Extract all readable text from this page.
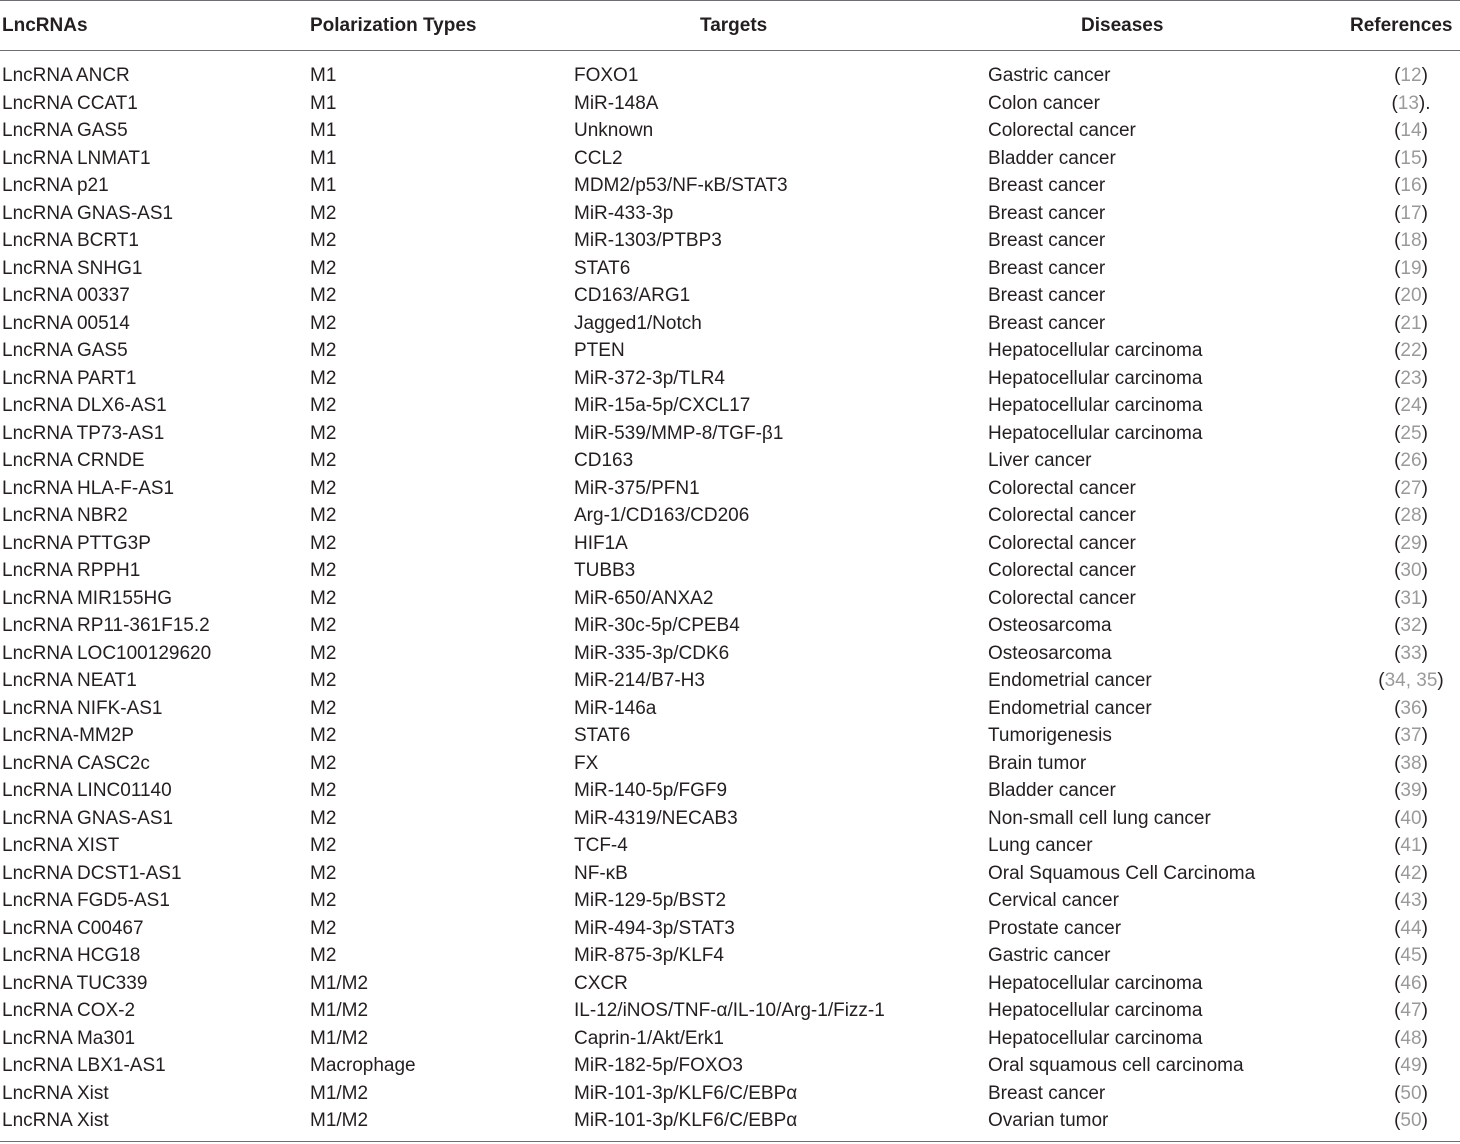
LncRNAs	Polarization Types	Targets	Diseases	References
LncRNA ANCR	M1	FOXO1	Gastric cancer	(12)
LncRNA CCAT1	M1	MiR-148A	Colon cancer	(13).
LncRNA GAS5	M1	Unknown	Colorectal cancer	(14)
LncRNA LNMAT1	M1	CCL2	Bladder cancer	(15)
LncRNA p21	M1	MDM2/p53/NF-κB/STAT3	Breast cancer	(16)
LncRNA GNAS-AS1	M2	MiR-433-3p	Breast cancer	(17)
LncRNA BCRT1	M2	MiR-1303/PTBP3	Breast cancer	(18)
LncRNA SNHG1	M2	STAT6	Breast cancer	(19)
LncRNA 00337	M2	CD163/ARG1	Breast cancer	(20)
LncRNA 00514	M2	Jagged1/Notch	Breast cancer	(21)
LncRNA GAS5	M2	PTEN	Hepatocellular carcinoma	(22)
LncRNA PART1	M2	MiR-372-3p/TLR4	Hepatocellular carcinoma	(23)
LncRNA DLX6-AS1	M2	MiR-15a-5p/CXCL17	Hepatocellular carcinoma	(24)
LncRNA TP73-AS1	M2	MiR-539/MMP-8/TGF-β1	Hepatocellular carcinoma	(25)
LncRNA CRNDE	M2	CD163	Liver cancer	(26)
LncRNA HLA-F-AS1	M2	MiR-375/PFN1	Colorectal cancer	(27)
LncRNA NBR2	M2	Arg-1/CD163/CD206	Colorectal cancer	(28)
LncRNA PTTG3P	M2	HIF1A	Colorectal cancer	(29)
LncRNA RPPH1	M2	TUBB3	Colorectal cancer	(30)
LncRNA MIR155HG	M2	MiR-650/ANXA2	Colorectal cancer	(31)
LncRNA RP11-361F15.2	M2	MiR-30c-5p/CPEB4	Osteosarcoma	(32)
LncRNA LOC100129620	M2	MiR-335-3p/CDK6	Osteosarcoma	(33)
LncRNA NEAT1	M2	MiR-214/B7-H3	Endometrial cancer	(34, 35)
LncRNA NIFK-AS1	M2	MiR-146a	Endometrial cancer	(36)
LncRNA-MM2P	M2	STAT6	Tumorigenesis	(37)
LncRNA CASC2c	M2	FX	Brain tumor	(38)
LncRNA LINC01140	M2	MiR-140-5p/FGF9	Bladder cancer	(39)
LncRNA GNAS-AS1	M2	MiR-4319/NECAB3	Non-small cell lung cancer	(40)
LncRNA XIST	M2	TCF-4	Lung cancer	(41)
LncRNA DCST1-AS1	M2	NF-κB	Oral Squamous Cell Carcinoma	(42)
LncRNA FGD5-AS1	M2	MiR-129-5p/BST2	Cervical cancer	(43)
LncRNA C00467	M2	MiR-494-3p/STAT3	Prostate cancer	(44)
LncRNA HCG18	M2	MiR-875-3p/KLF4	Gastric cancer	(45)
LncRNA TUC339	M1/M2	CXCR	Hepatocellular carcinoma	(46)
LncRNA COX-2	M1/M2	IL-12/iNOS/TNF-α/IL-10/Arg-1/Fizz-1	Hepatocellular carcinoma	(47)
LncRNA Ma301	M1/M2	Caprin-1/Akt/Erk1	Hepatocellular carcinoma	(48)
LncRNA LBX1-AS1	Macrophage	MiR-182-5p/FOXO3	Oral squamous cell carcinoma	(49)
LncRNA Xist	M1/M2	MiR-101-3p/KLF6/C/EBPα	Breast cancer	(50)
LncRNA Xist	M1/M2	MiR-101-3p/KLF6/C/EBPα	Ovarian tumor	(50)
